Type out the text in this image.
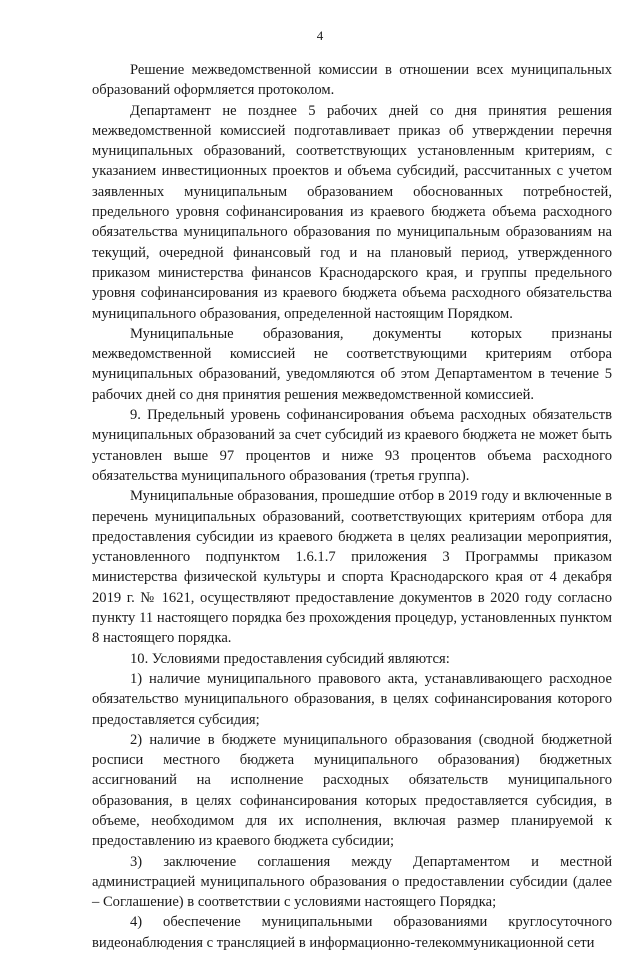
4

Решение межведомственной комиссии в отношении всех муниципальных образований оформляется протоколом.

Департамент не позднее 5 рабочих дней со дня принятия решения межведомственной комиссией подготавливает приказ об утверждении перечня муниципальных образований, соответствующих установленным критериям, с указанием инвестиционных проектов и объема субсидий, рассчитанных с учетом заявленных муниципальным образованием обоснованных потребностей, предельного уровня софинансирования из краевого бюджета объема расходного обязательства муниципального образования по муниципальным образованиям на текущий, очередной финансовый год и на плановый период, утвержденного приказом министерства финансов Краснодарского края, и группы предельного уровня софинансирования из краевого бюджета объема расходного обязательства муниципального образования, определенной настоящим Порядком.

Муниципальные образования, документы которых признаны межведомственной комиссией не соответствующими критериям отбора муниципальных образований, уведомляются об этом Департаментом в течение 5 рабочих дней со дня принятия решения межведомственной комиссией.

9. Предельный уровень софинансирования объема расходных обязательств муниципальных образований за счет субсидий из краевого бюджета не может быть установлен выше 97 процентов и ниже 93 процентов объема расходного обязательства муниципального образования (третья группа).

Муниципальные образования, прошедшие отбор в 2019 году и включенные в перечень муниципальных образований, соответствующих критериям отбора для предоставления субсидии из краевого бюджета в целях реализации мероприятия, установленного подпунктом 1.6.1.7 приложения 3 Программы приказом министерства физической культуры и спорта Краснодарского края от 4 декабря 2019 г. № 1621, осуществляют предоставление документов в 2020 году согласно пункту 11 настоящего порядка без прохождения процедур, установленных пунктом 8 настоящего порядка.

10. Условиями предоставления субсидий являются:

1) наличие муниципального правового акта, устанавливающего расходное обязательство муниципального образования, в целях софинансирования которого предоставляется субсидия;

2) наличие в бюджете муниципального образования (сводной бюджетной росписи местного бюджета муниципального образования) бюджетных ассигнований на исполнение расходных обязательств муниципального образования, в целях софинансирования которых предоставляется субсидия, в объеме, необходимом для их исполнения, включая размер планируемой к предоставлению из краевого бюджета субсидии;

3) заключение соглашения между Департаментом и местной администрацией муниципального образования о предоставлении субсидии (далее – Соглашение) в соответствии с условиями настоящего Порядка;

4) обеспечение муниципальными образованиями круглосуточного видеонаблюдения с трансляцией в информационно-телекоммуникационной сети
